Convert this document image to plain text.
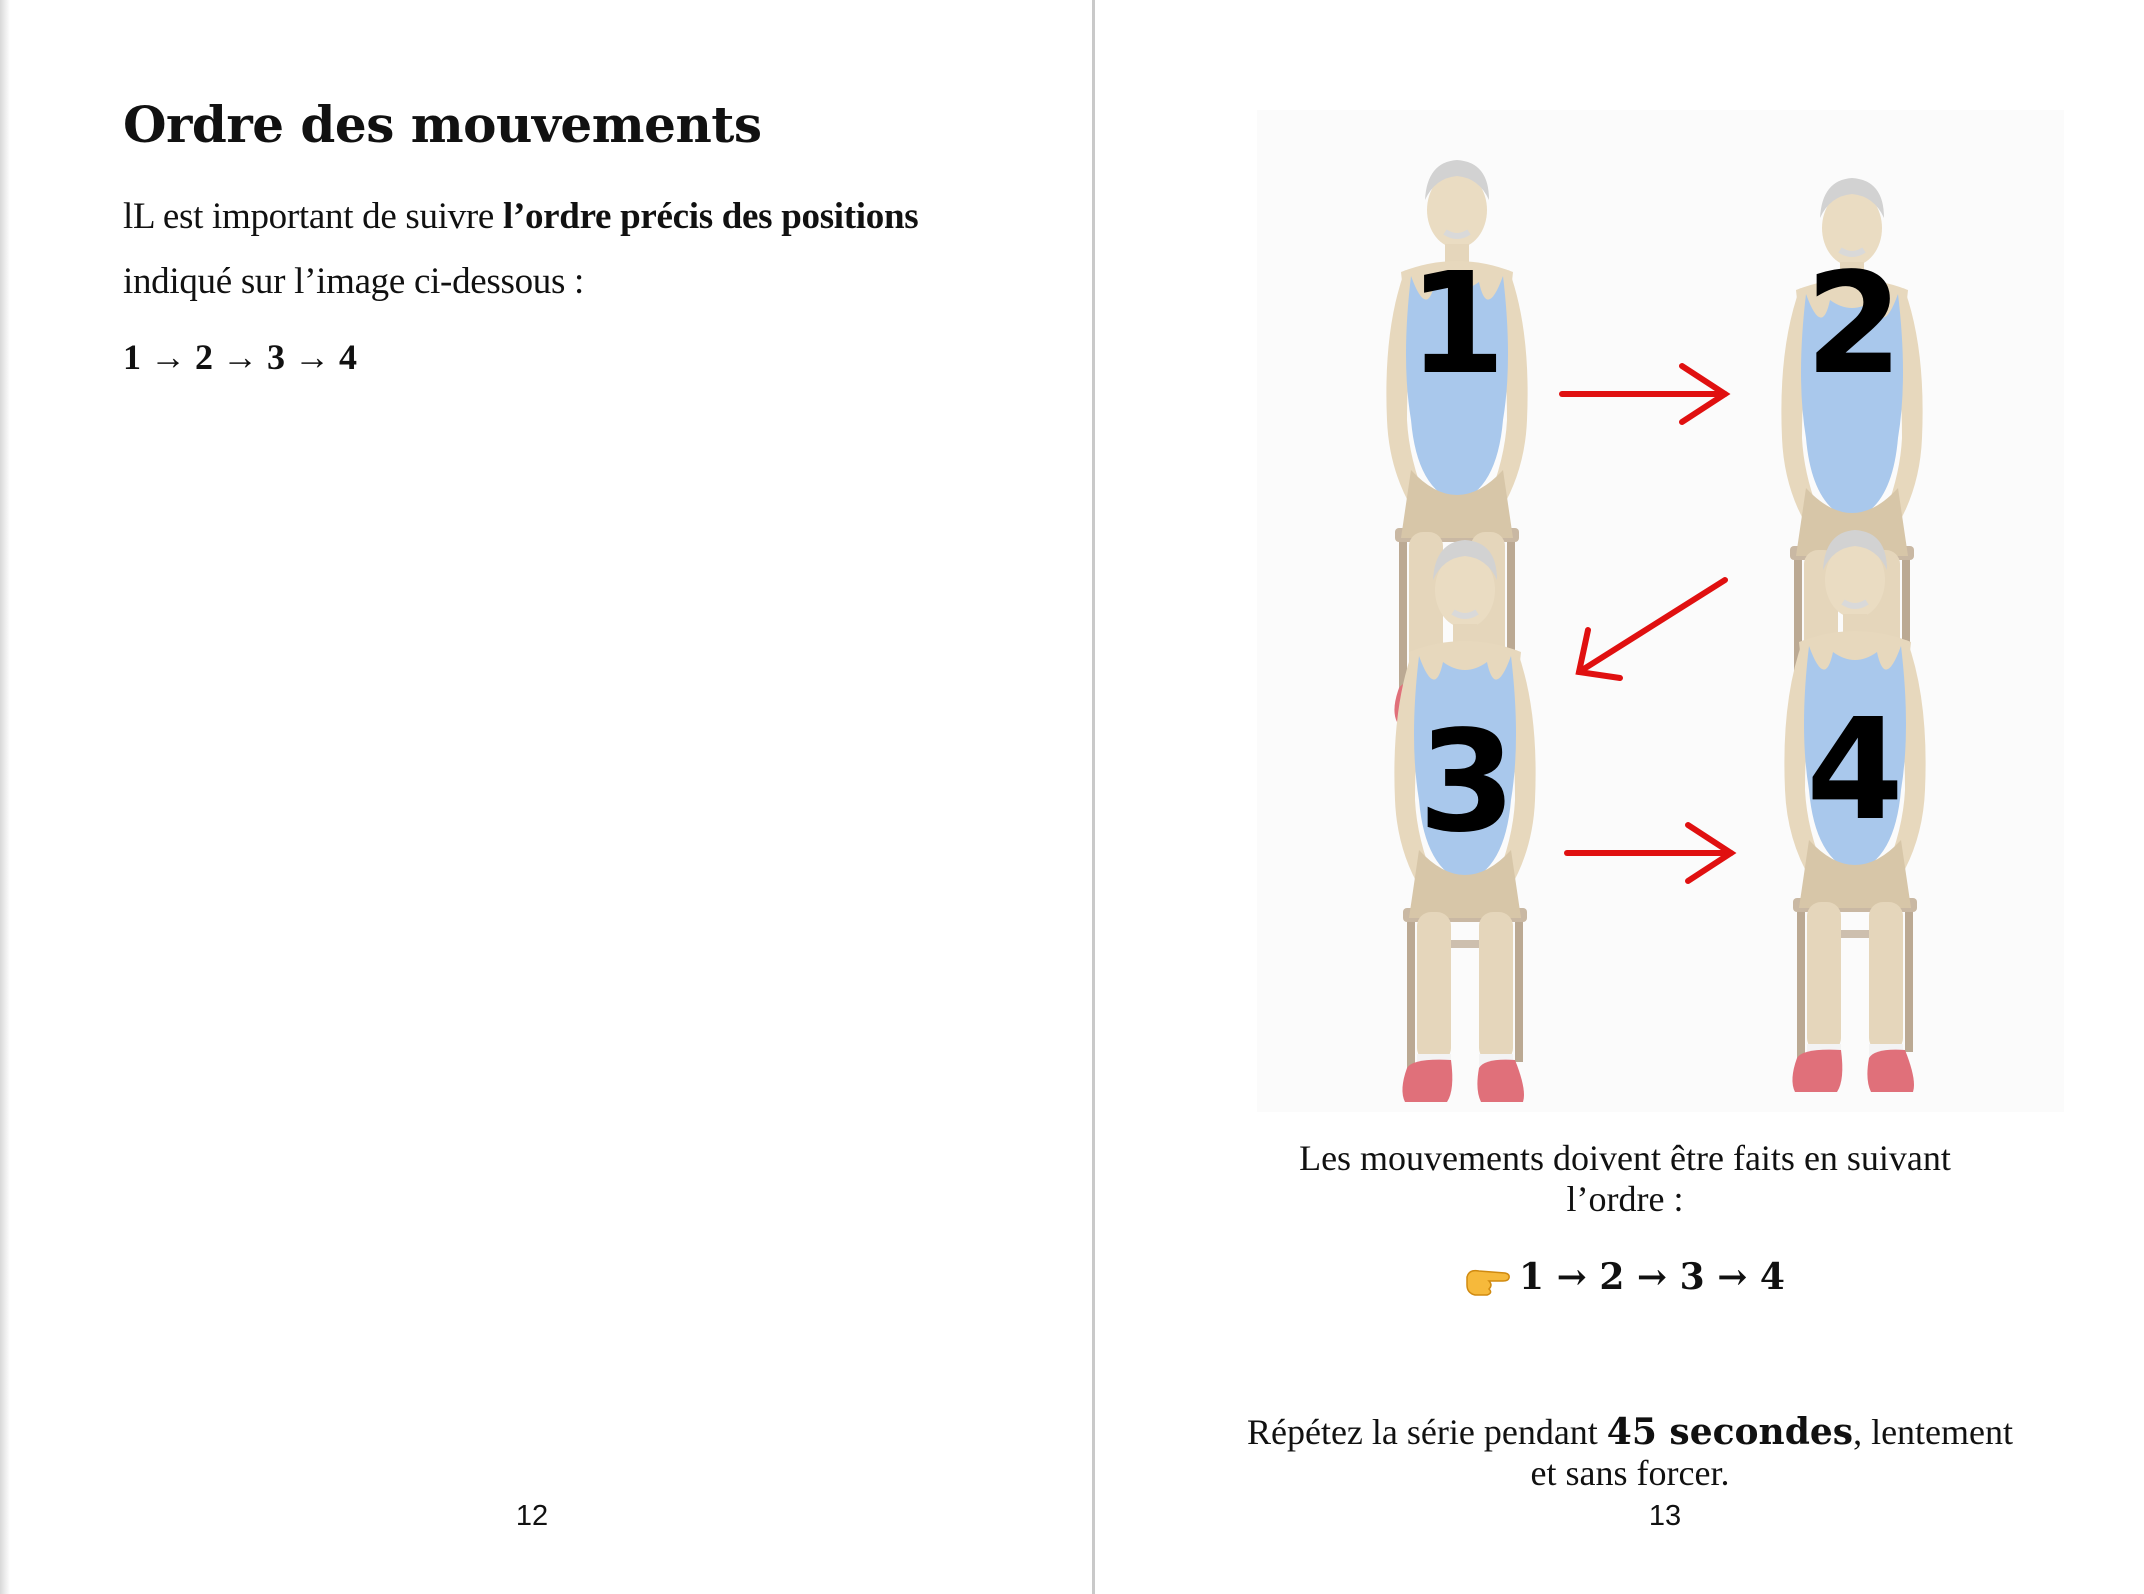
Ordre des mouvements

lL est important de suivre l’ordre précis des positions indiqué sur l’image ci-dessous :

1 → 2 → 3 → 4
12
1 2
3 4
Les mouvements doivent être faits en suivant l’ordre :
1 → 2 → 3 → 4
Répétez la série pendant 45 secondes, lentement et sans forcer.
13
